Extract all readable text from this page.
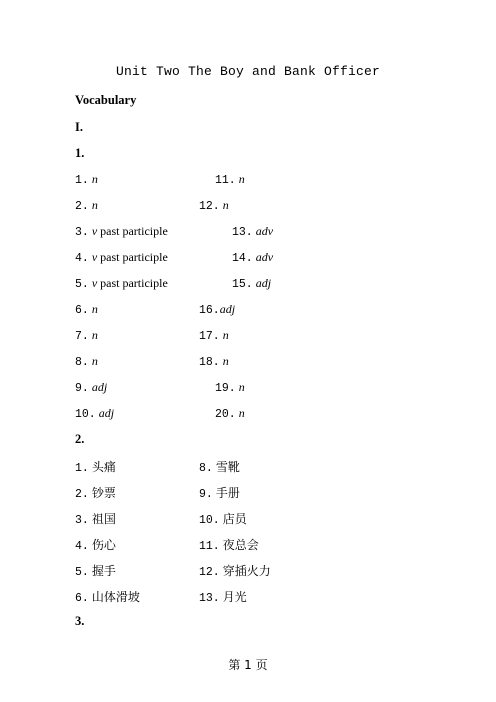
Unit Two The Boy and Bank Officer
Vocabulary
I.
1.
1. n
2. n
3. v past participle
4. v past participle
5. v past participle
6. n
7. n
8. n
9. adj
10. adj
11. n
12. n
13. adv
14. adv
15. adj
16.adj
17. n
18. n
19. n
20. n
2.
1. 头痛
2. 钞票
3. 祖国
4. 伤心
5. 握手
6. 山体滑坡
8. 雪靴
9. 手册
10. 店员
11. 夜总会
12. 穿插火力
13. 月光
3.
第 1 页
